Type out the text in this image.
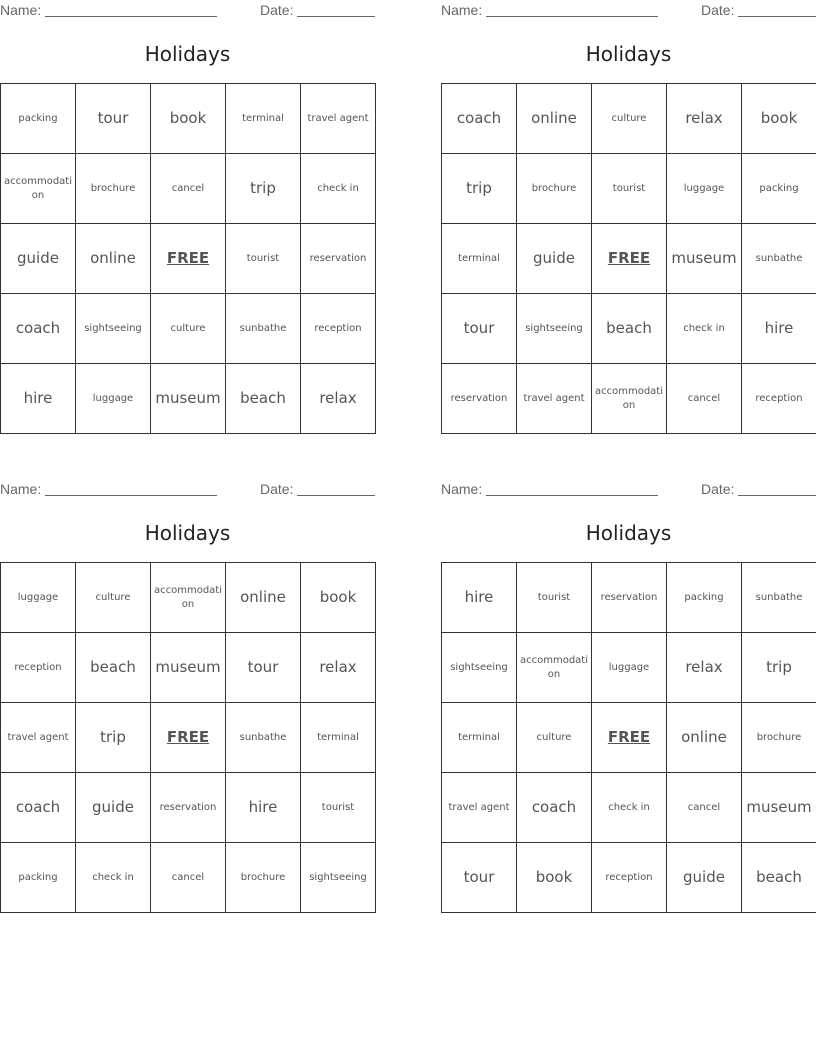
Name:	Date:
Holidays
packing	tour	book	terminal	travel agent
accommodation	brochure	cancel	trip	check in
guide	online	FREE	tourist	reservation
coach	sightseeing	culture	sunbathe	reception
hire	luggage	museum	beach	relax
Name:	Date:
Holidays
coach	online	culture	relax	book
trip	brochure	tourist	luggage	packing
terminal	guide	FREE	museum	sunbathe
tour	sightseeing	beach	check in	hire
reservation	travel agent	accommodation	cancel	reception
Name:	Date:
Holidays
luggage	culture	accommodation	online	book
reception	beach	museum	tour	relax
travel agent	trip	FREE	sunbathe	terminal
coach	guide	reservation	hire	tourist
packing	check in	cancel	brochure	sightseeing
Name:	Date:
Holidays
hire	tourist	reservation	packing	sunbathe
sightseeing	accommodation	luggage	relax	trip
terminal	culture	FREE	online	brochure
travel agent	coach	check in	cancel	museum
tour	book	reception	guide	beach
